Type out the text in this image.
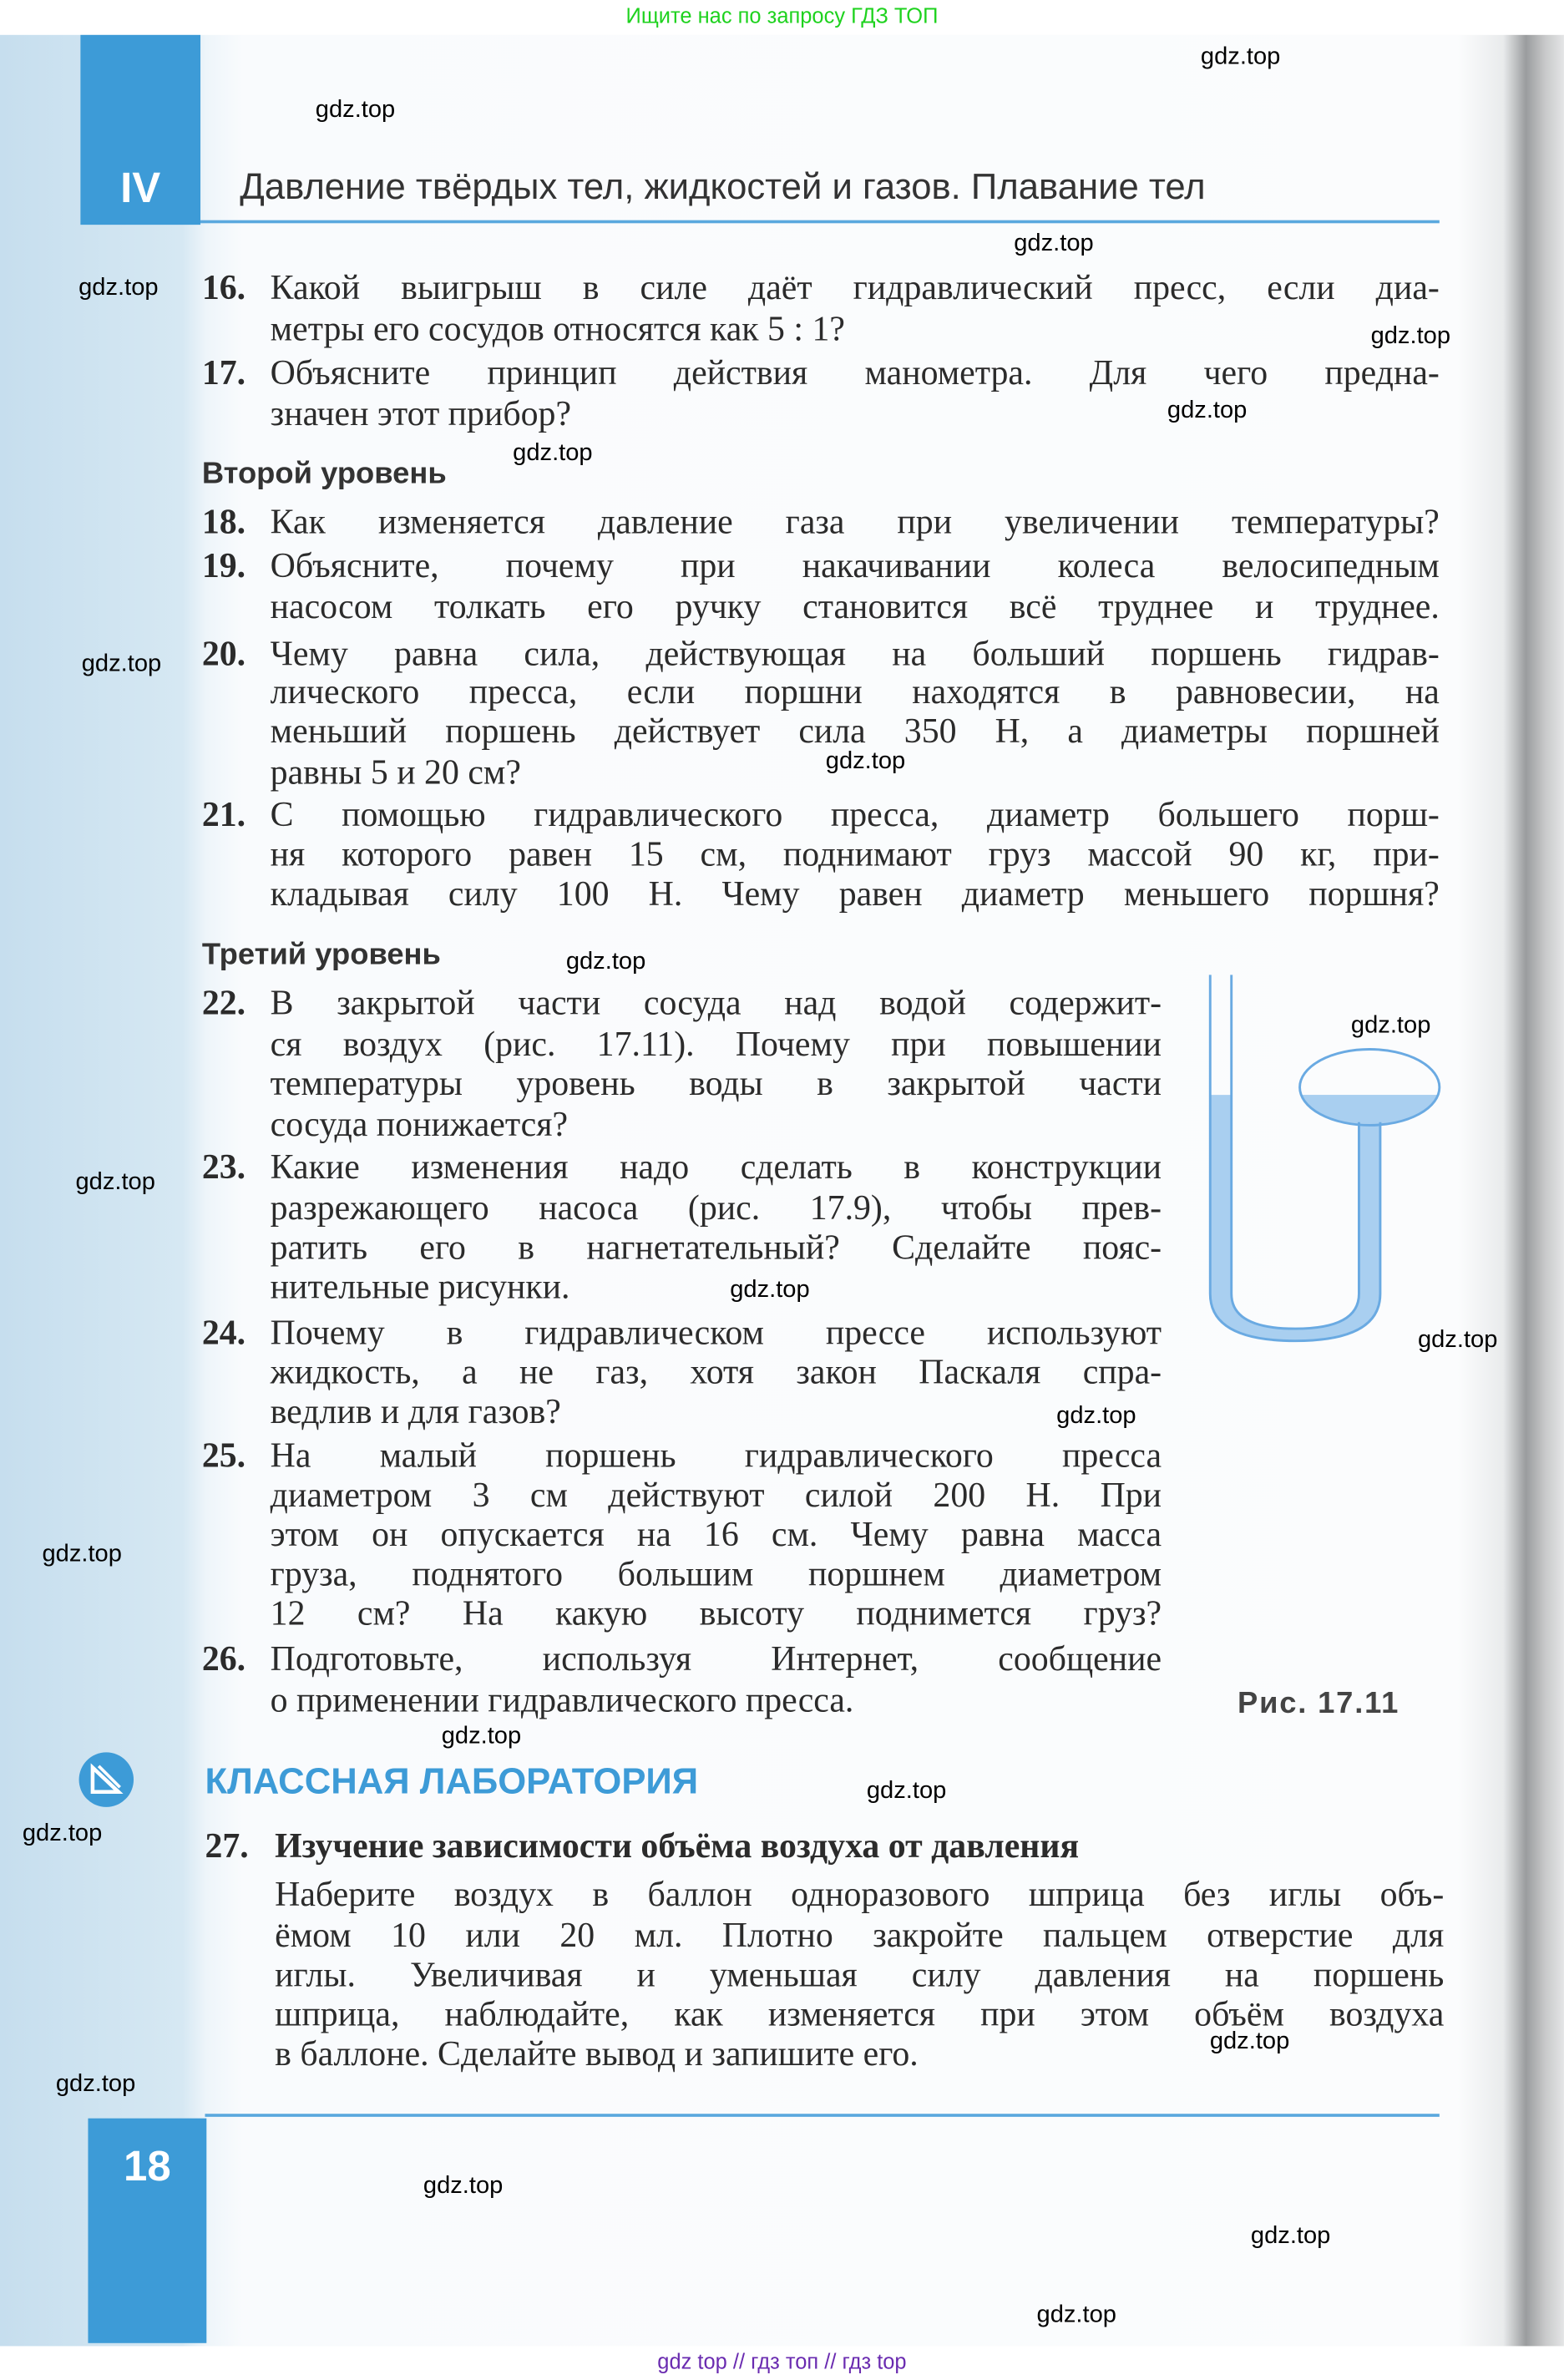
Ищите нас по запросу ГДЗ ТОП
IV	Давление твёрдых тел, жидкостей и газов. Плавание тел
Второй уровень
Третий уровень
16. Какой выигрыш в силе даёт гидравлический пресс, если диа-
метры его сосудов относятся как 5 : 1?
17. Объясните принцип действия манометра. Для чего предна-
значен этот прибор?
18. Как изменяется давление газа при увеличении температуры?
19. Объясните, почему при накачивании колеса велосипедным
насосом толкать его ручку становится всё труднее и труднее.
20. Чему равна сила, действующая на больший поршень гидрав-
лического пресса, если поршни находятся в равновесии, на
меньший поршень действует сила 350 Н, а диаметры поршней
равны 5 и 20 см?
21. С помощью гидравлического пресса, диаметр большего порш-
ня которого равен 15 см, поднимают груз массой 90 кг, при-
кладывая силу 100 Н. Чему равен диаметр меньшего поршня?
22. В закрытой части сосуда над водой содержит-
ся воздух (рис. 17.11). Почему при повышении
температуры уровень воды в закрытой части
сосуда понижается?
23. Какие изменения надо сделать в конструкции
разрежающего насоса (рис. 17.9), чтобы прев-
ратить его в нагнетательный? Сделайте пояс-
нительные рисунки.
24. Почему в гидравлическом прессе используют
жидкость, а не газ, хотя закон Паскаля спра-
ведлив и для газов?
25. На малый поршень гидравлического пресса
диаметром 3 см действуют силой 200 Н. При
этом он опускается на 16 см. Чему равна масса
груза, поднятого большим поршнем диаметром
12 см? На какую высоту поднимется груз?
26. Подготовьте, используя Интернет, сообщение
о применении гидравлического пресса.	Рис. 17.11
КЛАССНАЯ ЛАБОРАТОРИЯ
27. Изучение зависимости объёма воздуха от давления
Наберите воздух в баллон одноразового шприца без иглы объ-
ёмом 10 или 20 мл. Плотно закройте пальцем отверстие для
иглы. Увеличивая и уменьшая силу давления на поршень
шприца, наблюдайте, как изменяется при этом объём воздуха
в баллоне. Сделайте вывод и запишите его.
18
gdz.top
gdz.top
gdz.top
gdz.top
gdz.top
gdz.top
gdz.top
gdz.top
gdz.top
gdz.top
gdz.top
gdz.top
gdz.top
gdz.top
gdz.top
gdz.top
gdz.top
gdz.top
gdz.top
gdz.top
gdz.top
gdz.top
gdz.top
gdz.top
gdz top // гдз топ // гдз top
